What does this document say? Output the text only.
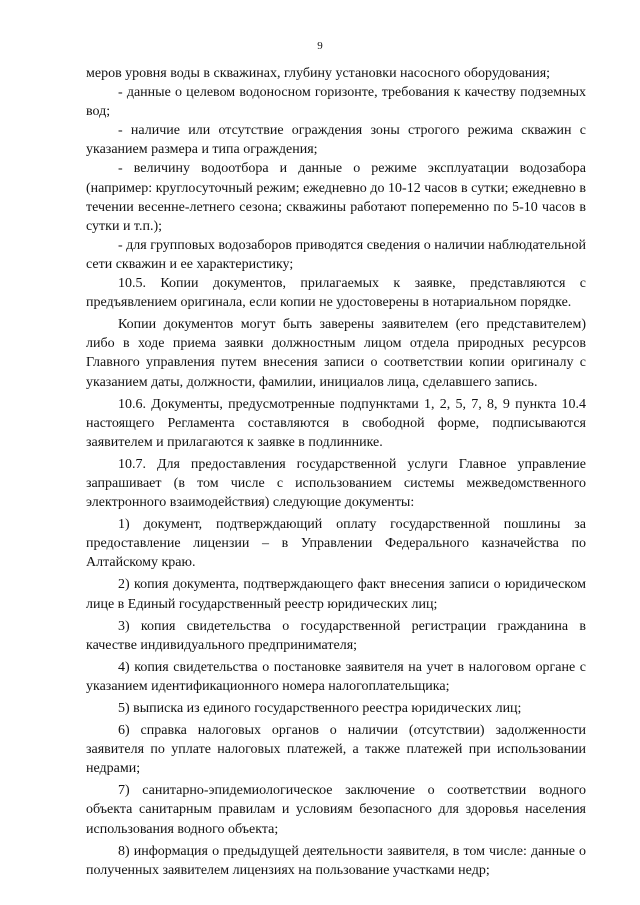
9

меров уровня воды в скважинах, глубину установки насосного оборудования;

- данные о целевом водоносном горизонте, требования к качеству подземных вод;

- наличие или отсутствие ограждения зоны строгого режима скважин с указанием размера и типа ограждения;

- величину водоотбора и данные о режиме эксплуатации водозабора (например: круглосуточный режим; ежедневно до 10-12 часов в сутки; ежедневно в течении весенне-летнего сезона; скважины работают попеременно по 5-10 часов в сутки и т.п.);

- для групповых водозаборов приводятся сведения о наличии наблюдательной сети скважин и ее характеристику;

10.5. Копии документов, прилагаемых к заявке, представляются с предъявлением оригинала, если копии не удостоверены в нотариальном порядке.

Копии документов могут быть заверены заявителем (его представителем) либо в ходе приема заявки должностным лицом отдела природных ресурсов Главного управления путем внесения записи о соответствии копии оригиналу с указанием даты, должности, фамилии, инициалов лица, сделавшего запись.

10.6. Документы, предусмотренные подпунктами 1, 2, 5, 7, 8, 9 пункта 10.4 настоящего Регламента составляются в свободной форме, подписываются заявителем и прилагаются к заявке в подлиннике.

10.7. Для предоставления государственной услуги Главное управление запрашивает (в том числе с использованием системы межведомственного электронного взаимодействия) следующие документы:

1) документ, подтверждающий оплату государственной пошлины за предоставление лицензии – в Управлении Федерального казначейства по Алтайскому краю.

2) копия документа, подтверждающего факт внесения записи о юридическом лице в Единый государственный реестр юридических лиц;

3) копия свидетельства о государственной регистрации гражданина в качестве индивидуального предпринимателя;

4) копия свидетельства о постановке заявителя на учет в налоговом органе с указанием идентификационного номера налогоплательщика;

5) выписка из единого государственного реестра юридических лиц;

6) справка налоговых органов о наличии (отсутствии) задолженности заявителя по уплате налоговых платежей, а также платежей при использовании недрами;

7) санитарно-эпидемиологическое заключение о соответствии водного объекта санитарным правилам и условиям безопасного для здоровья населения использования водного объекта;

8) информация о предыдущей деятельности заявителя, в том числе: данные о полученных заявителем лицензиях на пользование участками недр;
